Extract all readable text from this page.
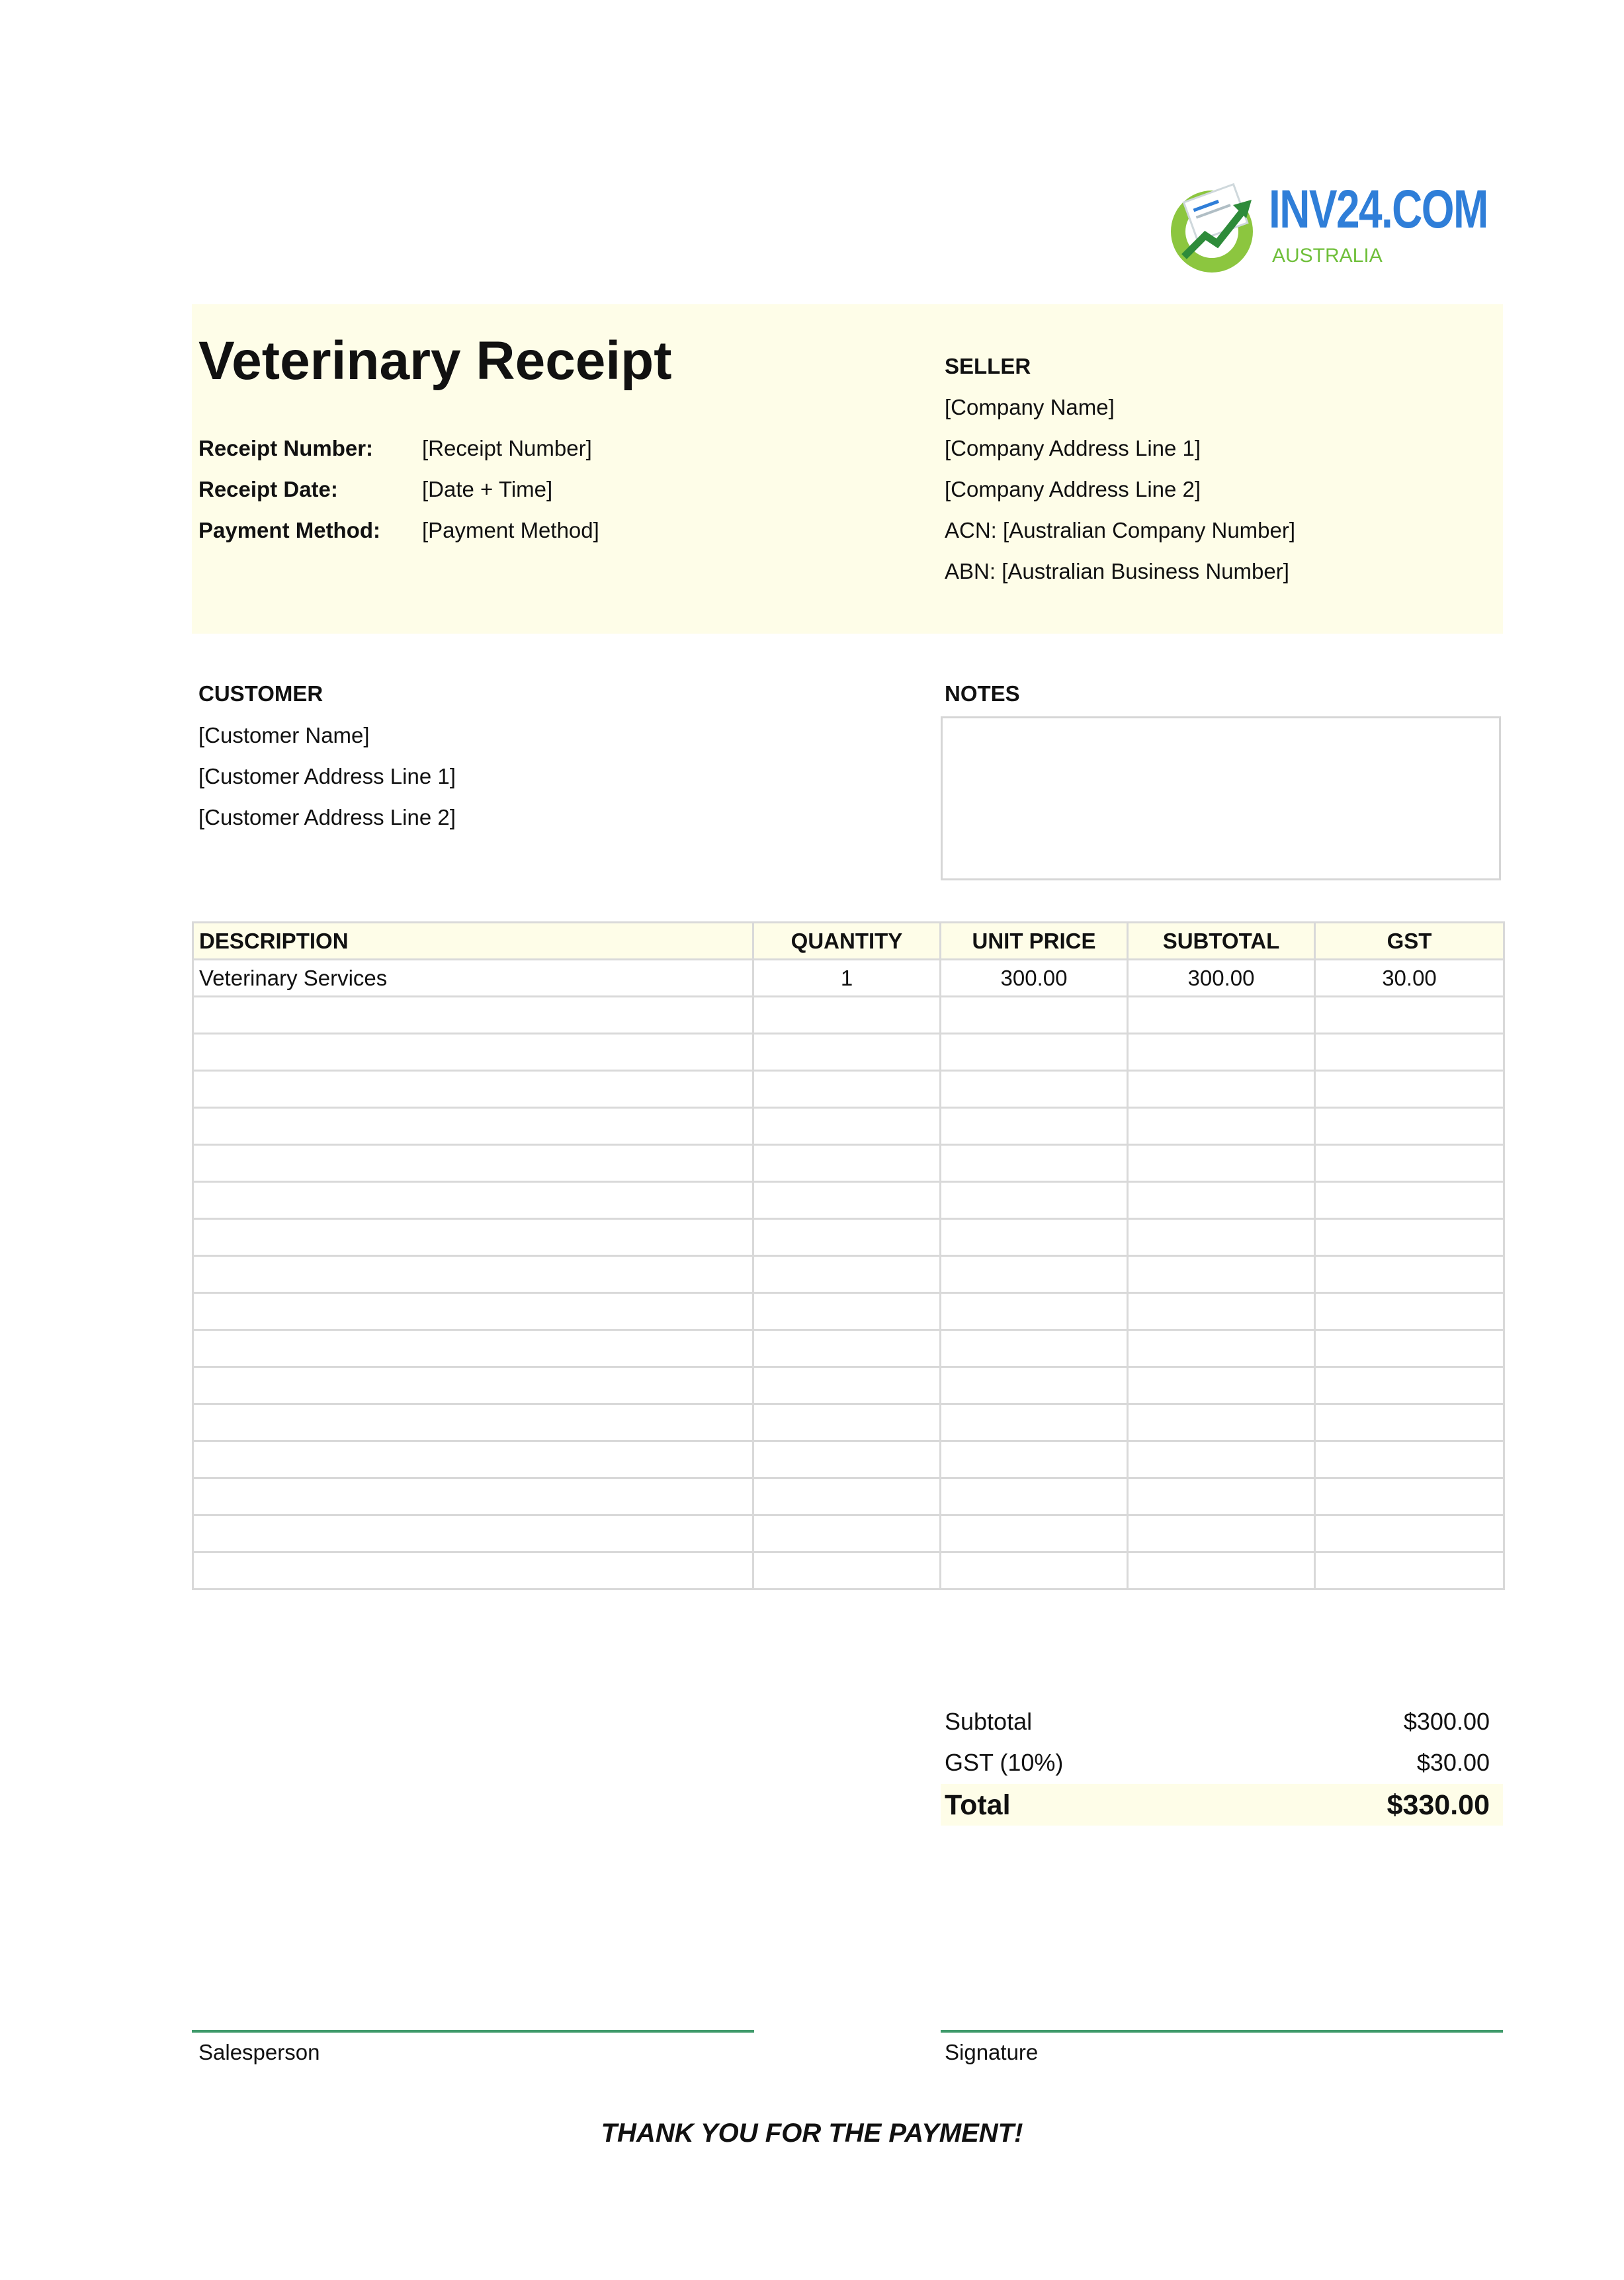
INV24.COM
AUSTRALIA
Veterinary Receipt
Receipt Number: [Receipt Number]
Receipt Date:	[Date + Time]
Payment Method: [Payment Method]
SELLER
[Company Name]
[Company Address Line 1]
[Company Address Line 2]
ACN: [Australian Company Number]
ABN: [Australian Business Number]
CUSTOMER
[Customer Name]
[Customer Address Line 1]
[Customer Address Line 2]
NOTES
DESCRIPTION	QUANTITY	UNIT PRICE	SUBTOTAL	GST
Veterinary Services	1	300.00	300.00	30.00

Subtotal	$300.00
GST (10%)	$30.00
Total	$330.00
Salesperson	Signature
THANK YOU FOR THE PAYMENT!
